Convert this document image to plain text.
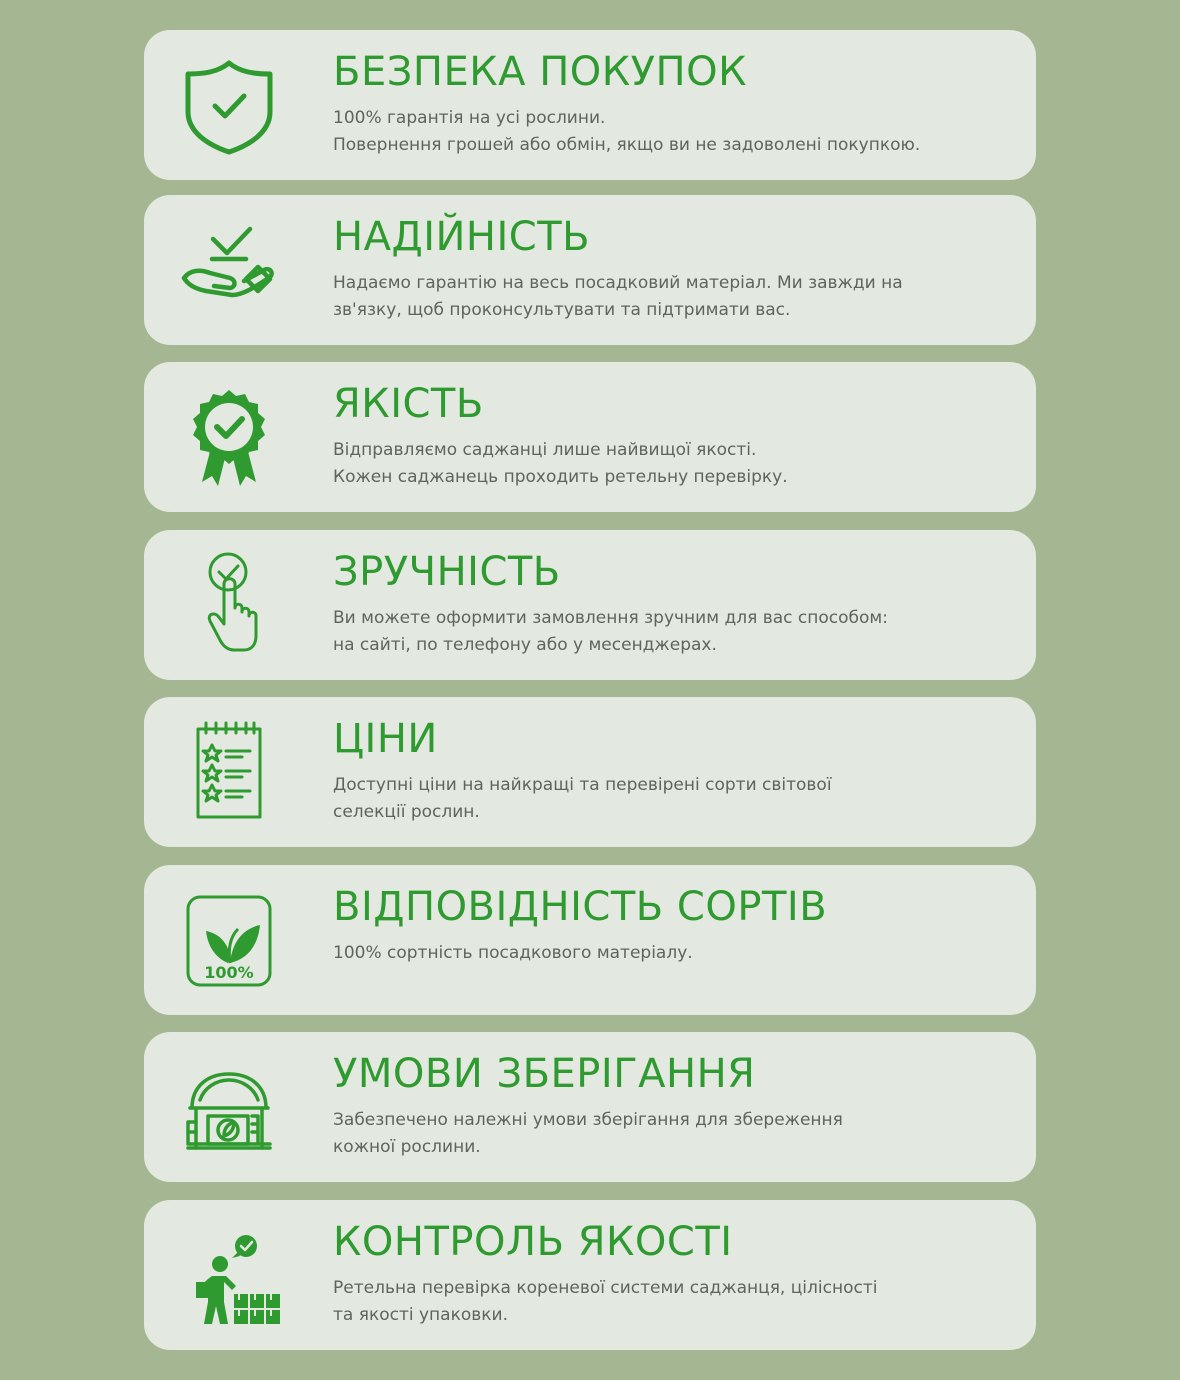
БЕЗПЕКА ПОКУПОК
100% гарантія на усі рослини.
Повернення грошей або обмін, якщо ви не задоволені покупкою.
НАДІЙНІСТЬ
Надаємо гарантію на весь посадковий матеріал. Ми завжди на
зв'язку, щоб проконсультувати та підтримати вас.
ЯКІСТЬ
Відправляємо саджанці лише найвищої якості.
Кожен саджанець проходить ретельну перевірку.
ЗРУЧНІСТЬ
Ви можете оформити замовлення зручним для вас способом:
на сайті, по телефону або у месенджерах.
ЦІНИ
Доступні ціни на найкращі та перевірені сорти світової
селекції рослин.
100%
ВІДПОВІДНІСТЬ СОРТІВ
100% сортність посадкового матеріалу.
УМОВИ ЗБЕРІГАННЯ
Забезпечено належні умови зберігання для збереження
кожної рослини.
КОНТРОЛЬ ЯКОСТІ
Ретельна перевірка кореневої системи саджанця, цілісності
та якості упаковки.
